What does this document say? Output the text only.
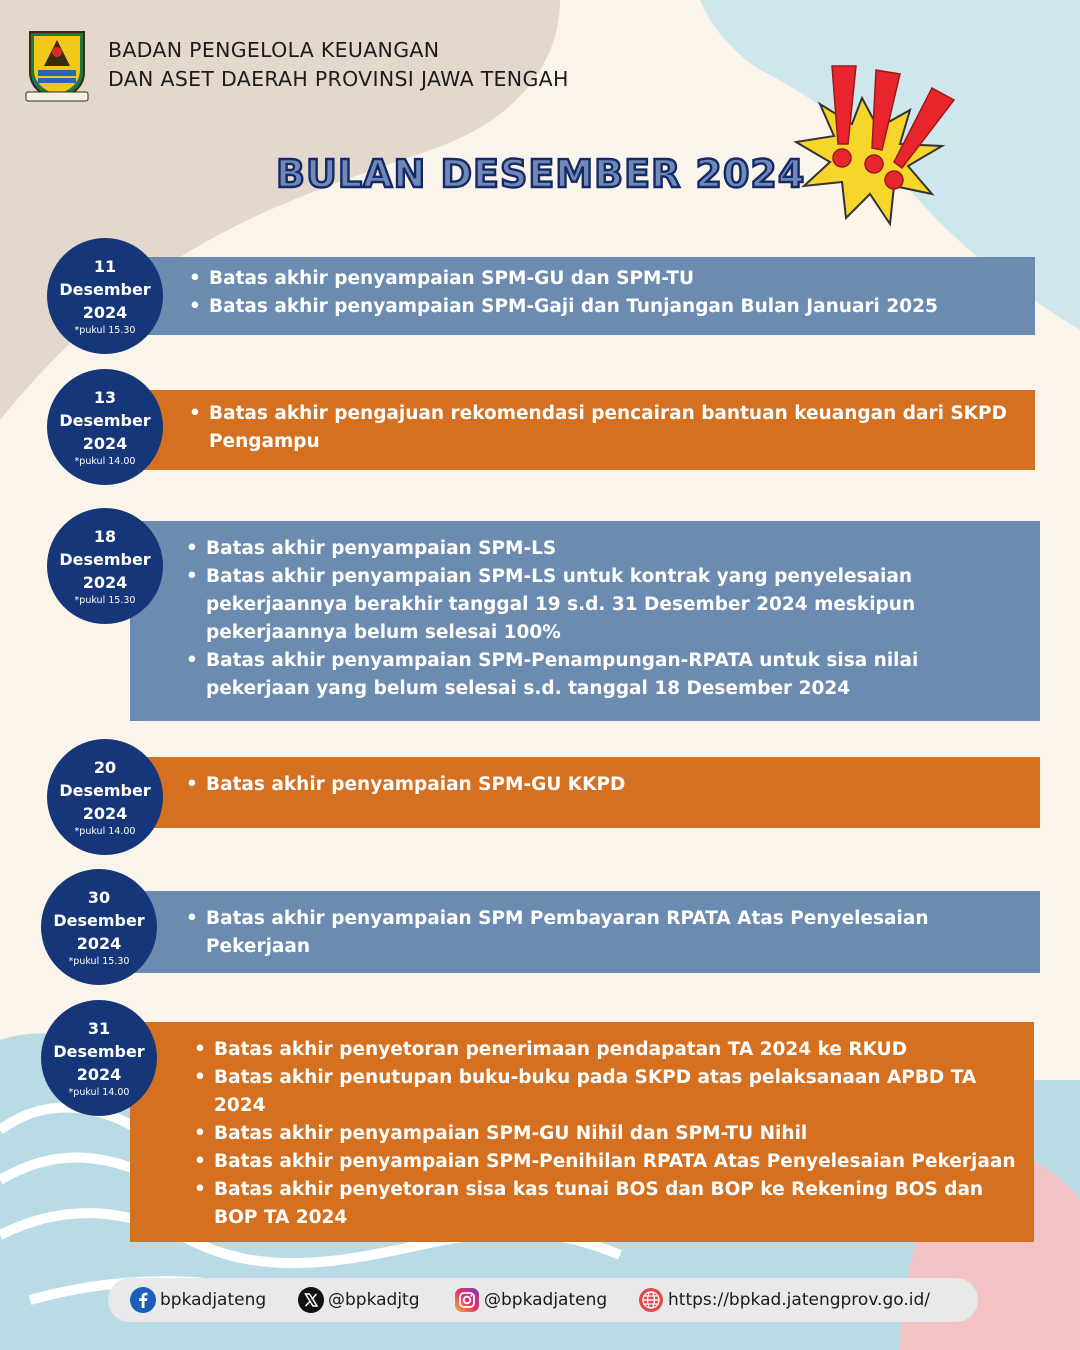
BADAN PENGELOLA KEUANGAN
DAN ASET DAERAH PROVINSI JAWA TENGAH
BULAN DESEMBER 2024
• Batas akhir penyampaian SPM-GU dan SPM-TU
• Batas akhir penyampaian SPM-Gaji dan Tunjangan Bulan Januari 2025
11
Desember
2024
*pukul 15.30
• Batas akhir pengajuan rekomendasi pencairan bantuan keuangan dari SKPD Pengampu
13
Desember
2024
*pukul 14.00
• Batas akhir penyampaian SPM-LS
• Batas akhir penyampaian SPM-LS untuk kontrak yang penyelesaian pekerjaannya berakhir tanggal 19 s.d. 31 Desember 2024 meskipun pekerjaannya belum selesai 100%
• Batas akhir penyampaian SPM-Penampungan-RPATA untuk sisa nilai pekerjaan yang belum selesai s.d. tanggal 18 Desember 2024
18
Desember
2024
*pukul 15.30
• Batas akhir penyampaian SPM-GU KKPD
20
Desember
2024
*pukul 14.00
• Batas akhir penyampaian SPM Pembayaran RPATA Atas Penyelesaian Pekerjaan
30
Desember
2024
*pukul 15.30
• Batas akhir penyetoran penerimaan pendapatan TA 2024 ke RKUD
• Batas akhir penutupan buku-buku pada SKPD atas pelaksanaan APBD TA 2024
• Batas akhir penyampaian SPM-GU Nihil dan SPM-TU Nihil
• Batas akhir penyampaian SPM-Penihilan RPATA Atas Penyelesaian Pekerjaan
• Batas akhir penyetoran sisa kas tunai BOS dan BOP ke Rekening BOS dan BOP TA 2024
31
Desember
2024
*pukul 14.00
bpkadjateng	@bpkadjtg	@bpkadjateng	https://bpkad.jatengprov.go.id/
